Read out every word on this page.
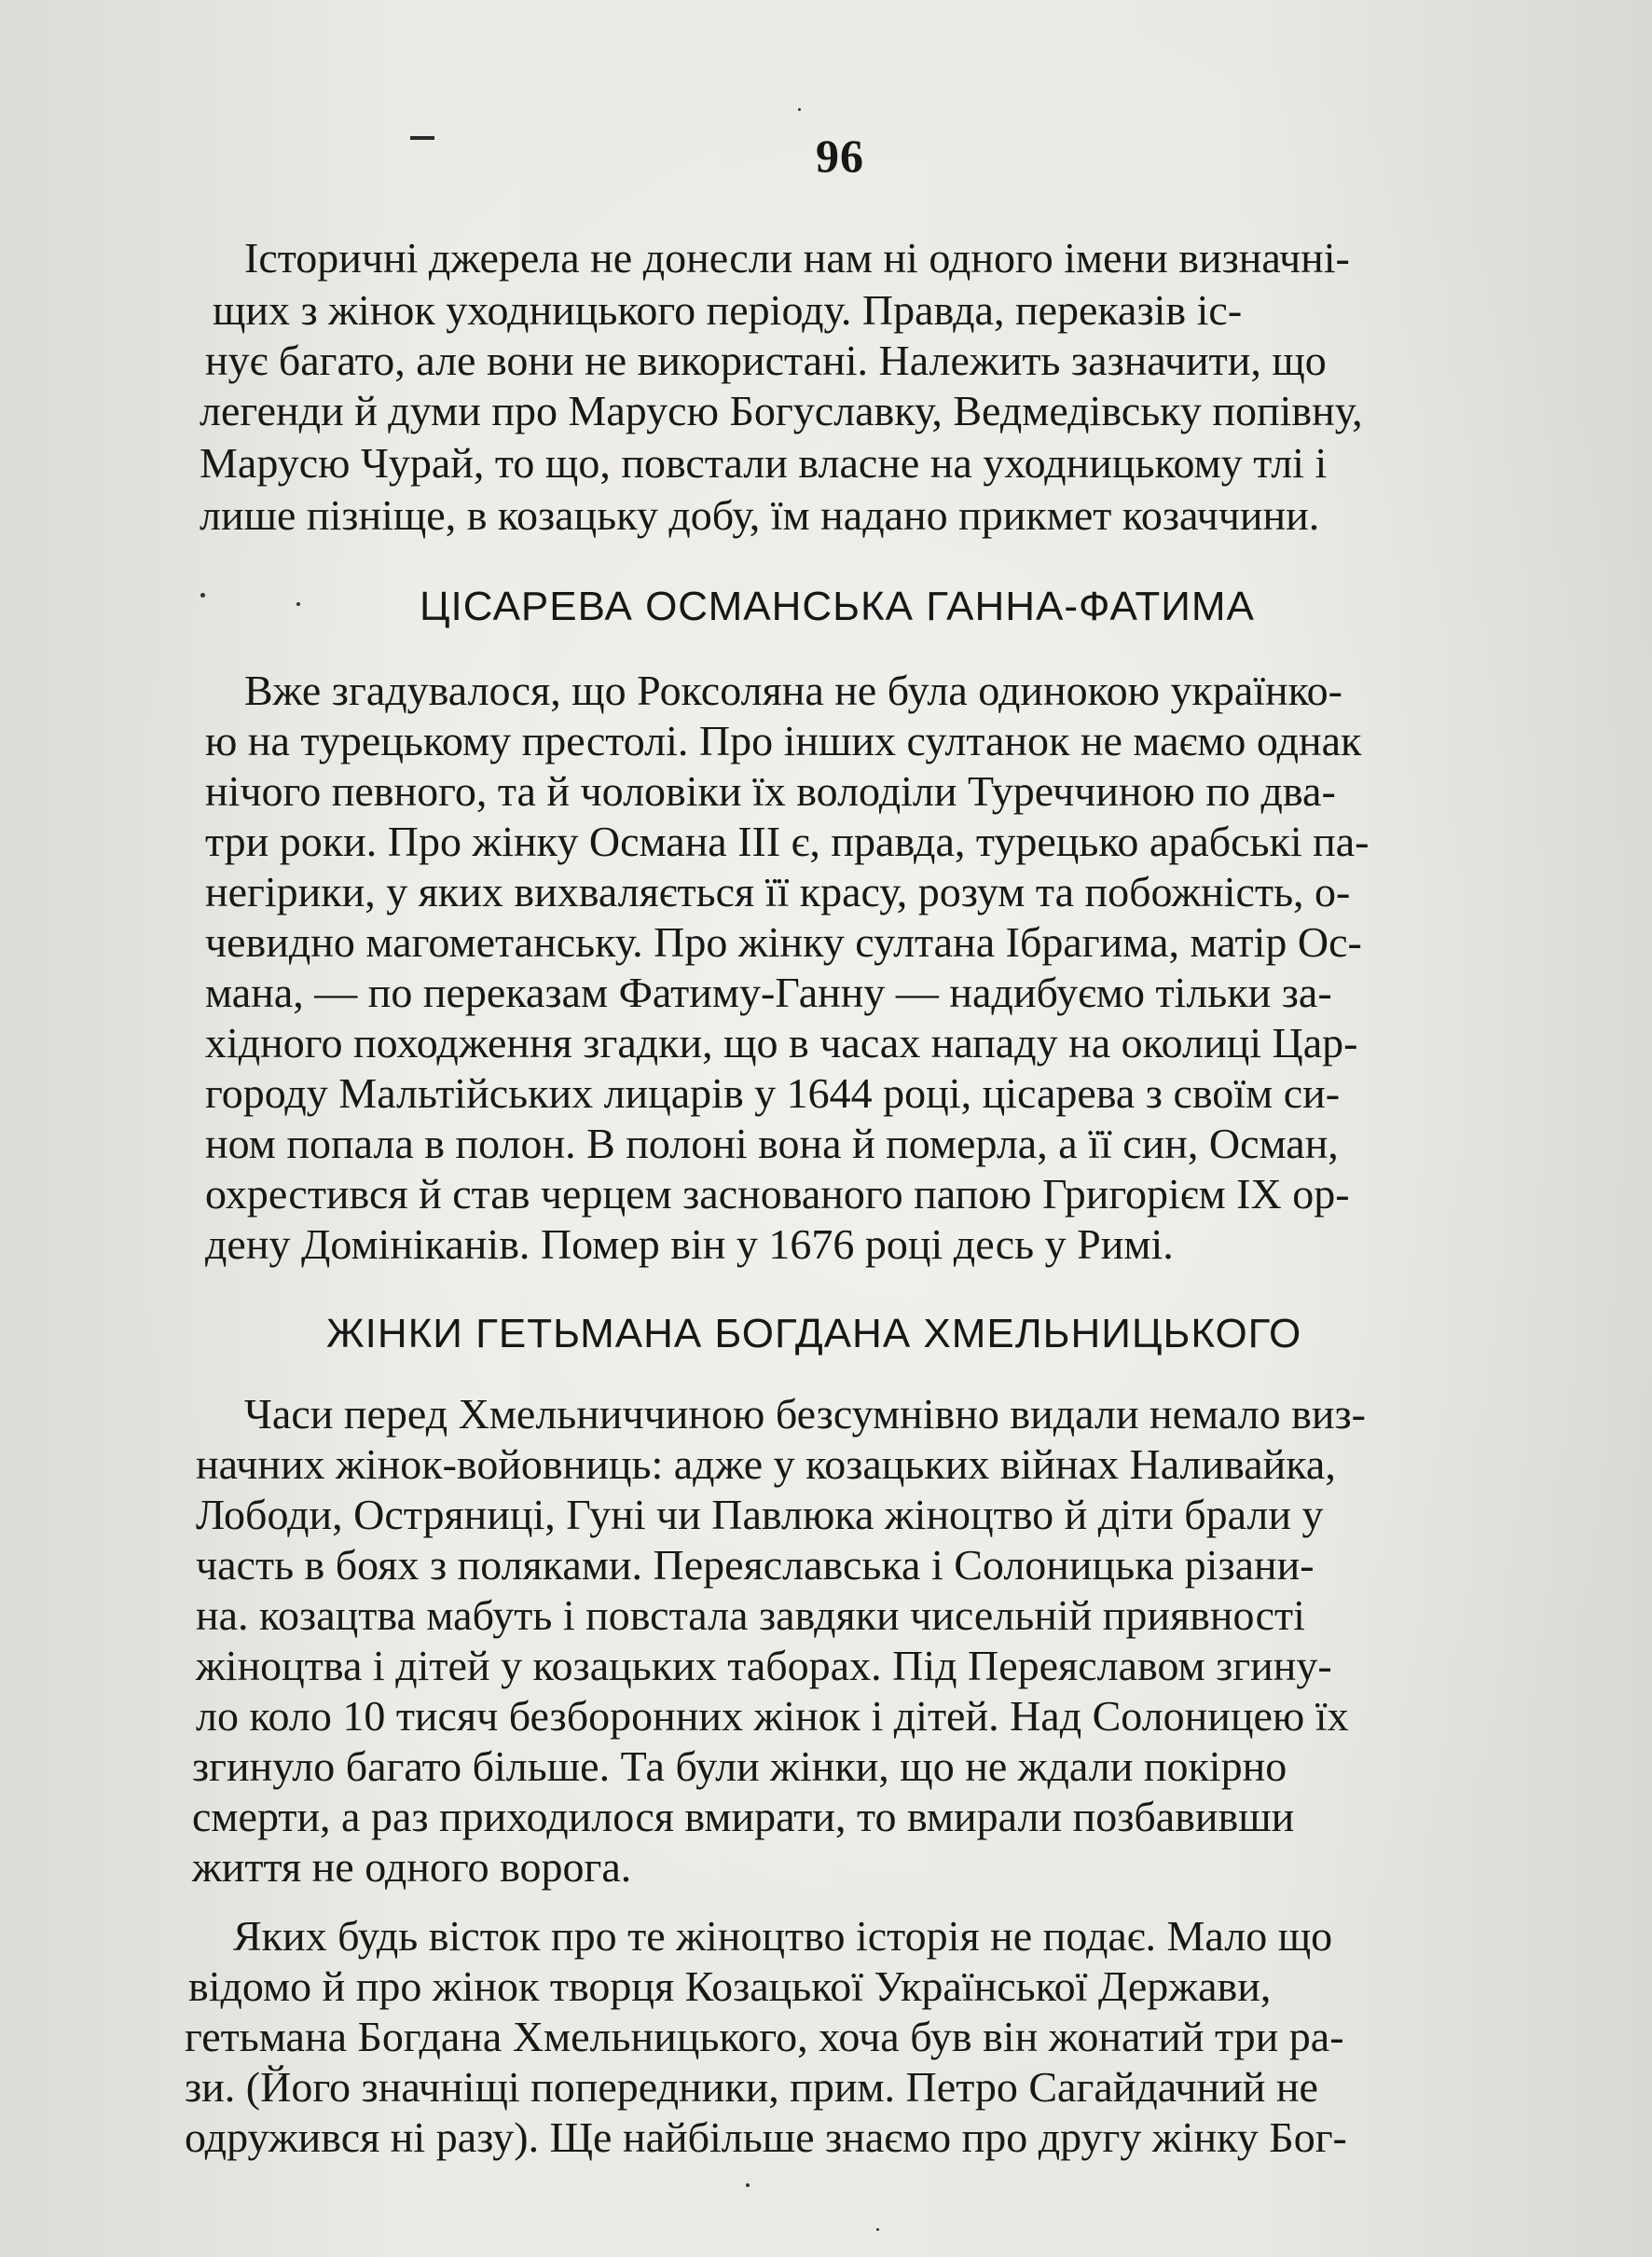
96
Історичні джерела не донесли нам ні одного імени визначні-
щих з жінок уходницького періоду. Правда, переказів іс-
нує багато, але вони не використані. Належить зазначити, що
легенди й думи про Марусю Богуславку, Ведмедівську попівну,
Марусю Чурай, то що, повстали власне на уходницькому тлі і
лише пізніще, в козацьку добу, їм надано прикмет козаччини.
ЦІСАРЕВА ОСМАНСЬКА ГАННА-ФАТИМА
Вже згадувалося, що Роксоляна не була одинокою українко-
ю на турецькому престолі. Про інших султанок не маємо однак
нічого певного, та й чоловіки їх володіли Туреччиною по два-
три роки. Про жінку Османа III є, правда, турецько арабські па-
негірики, у яких вихваляється її красу, розум та побожність, о-
чевидно магометанську. Про жінку султана Ібрагима, матір Ос-
мана, — по переказам Фатиму-Ганну — надибуємо тільки за-
хідного походження згадки, що в часах нападу на околиці Цар-
городу Мальтійських лицарів у 1644 році, цісарева з своїм си-
ном попала в полон. В полоні вона й померла, а її син, Осман,
охрестився й став черцем заснованого папою Григорієм IX ор-
дену Домініканів. Помер він у 1676 році десь у Римі.
ЖІНКИ ГЕТЬМАНА БОГДАНА ХМЕЛЬНИЦЬКОГО
Часи перед Хмельниччиною безсумнівно видали немало виз-
начних жінок-войовниць: адже у козацьких війнах Наливайка,
Лободи, Остряниці, Гуні чи Павлюка жіноцтво й діти брали у
часть в боях з поляками. Переяславська і Солоницька різани-
на. козацтва мабуть і повстала завдяки чисельній приявності
жіноцтва і дітей у козацьких таборах. Під Переяславом згину-
ло коло 10 тисяч безборонних жінок і дітей. Над Солоницею їх
згинуло багато більше. Та були жінки, що не ждали покірно
смерти, а раз приходилося вмирати, то вмирали позбавивши
життя не одного ворога.
Яких будь вісток про те жіноцтво історія не подає. Мало що
відомо й про жінок творця Козацької Української Держави,
гетьмана Богдана Хмельницького, хоча був він жонатий три ра-
зи. (Його значніщі попередники, прим. Петро Сагайдачний не
одружився ні разу). Ще найбільше знаємо про другу жінку Бог-
